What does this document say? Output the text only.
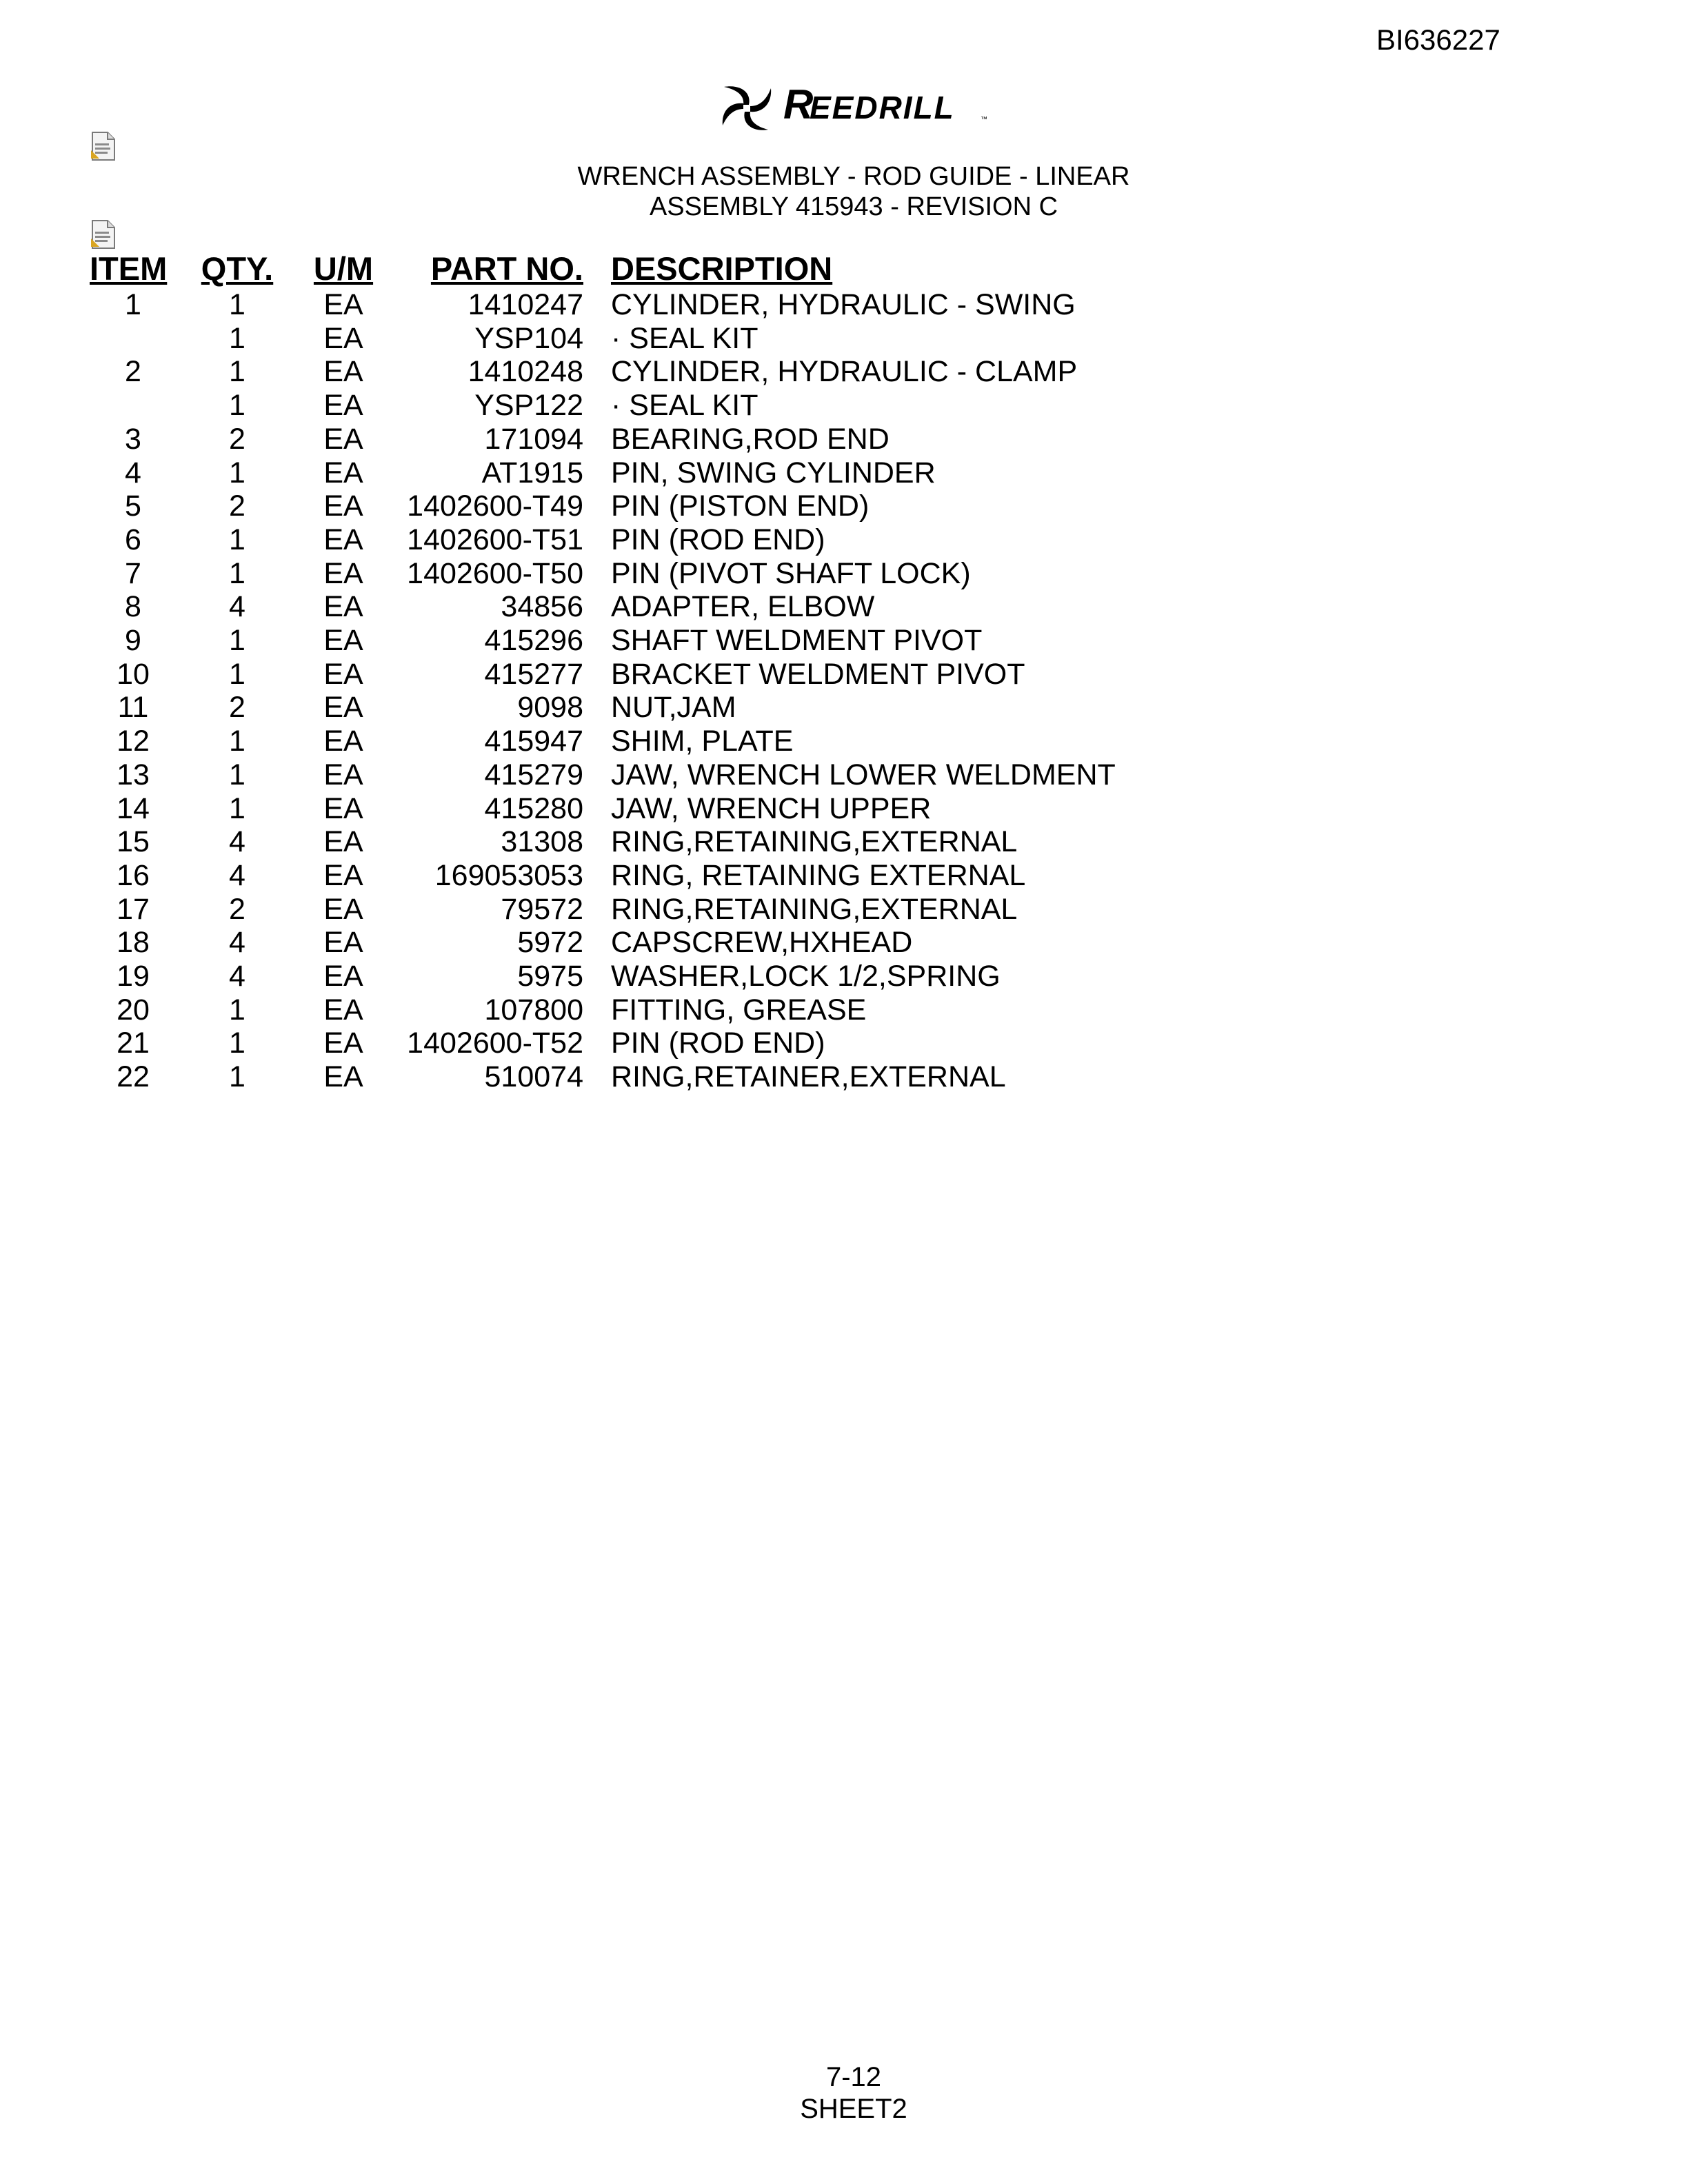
BI636227
R
EEDRILL	™
WRENCH ASSEMBLY - ROD GUIDE - LINEAR
ASSEMBLY 415943 - REVISION C
ITEM	QTY.	U/M	PART NO.	DESCRIPTION
1	1	EA	1410247	CYLINDER, HYDRAULIC - SWING
	1	EA	YSP104	· SEAL KIT
2	1	EA	1410248	CYLINDER, HYDRAULIC - CLAMP
	1	EA	YSP122	· SEAL KIT
3	2	EA	171094	BEARING,ROD END
4	1	EA	AT1915	PIN, SWING CYLINDER
5	2	EA	1402600-T49	PIN (PISTON END)
6	1	EA	1402600-T51	PIN (ROD END)
7	1	EA	1402600-T50	PIN (PIVOT SHAFT LOCK)
8	4	EA	34856	ADAPTER, ELBOW
9	1	EA	415296	SHAFT WELDMENT PIVOT
10	1	EA	415277	BRACKET WELDMENT PIVOT
11	2	EA	9098	NUT,JAM
12	1	EA	415947	SHIM, PLATE
13	1	EA	415279	JAW, WRENCH LOWER WELDMENT
14	1	EA	415280	JAW, WRENCH UPPER
15	4	EA	31308	RING,RETAINING,EXTERNAL
16	4	EA	169053053	RING, RETAINING EXTERNAL
17	2	EA	79572	RING,RETAINING,EXTERNAL
18	4	EA	5972	CAPSCREW,HXHEAD
19	4	EA	5975	WASHER,LOCK 1/2,SPRING
20	1	EA	107800	FITTING, GREASE
21	1	EA	1402600-T52	PIN (ROD END)
22	1	EA	510074	RING,RETAINER,EXTERNAL
7-12
SHEET2
